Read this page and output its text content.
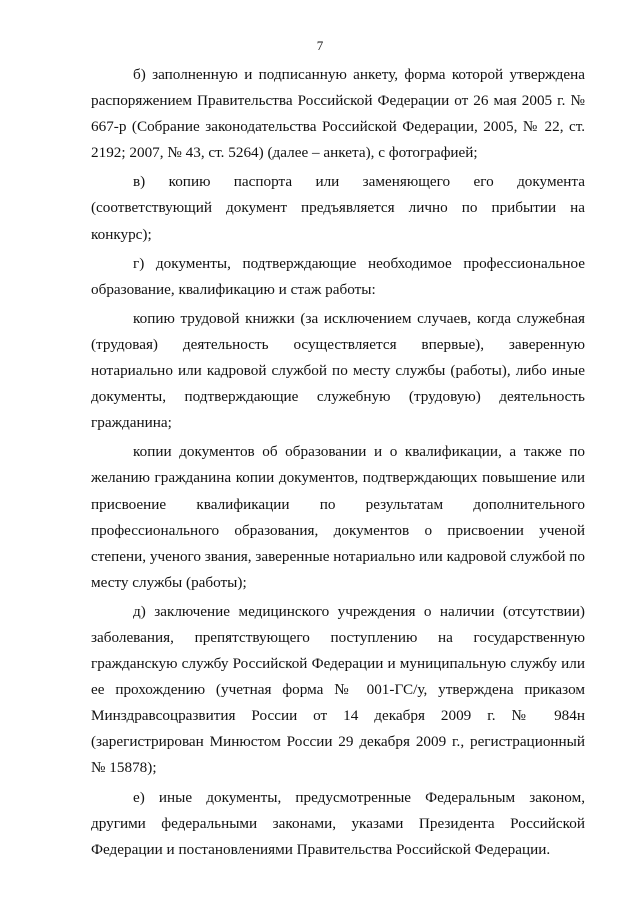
7

б) заполненную и подписанную анкету, форма которой утверждена распоряжением Правительства Российской Федерации от 26 мая 2005 г. № 667-р (Собрание законодательства Российской Федерации, 2005, № 22, ст. 2192; 2007, № 43, ст. 5264) (далее – анкета), с фотографией;

в) копию паспорта или заменяющего его документа (соответствующий документ предъявляется лично по прибытии на конкурс);

г) документы, подтверждающие необходимое профессиональное образование, квалификацию и стаж работы:

копию трудовой книжки (за исключением случаев, когда служебная (трудовая) деятельность осуществляется впервые), заверенную нотариально или кадровой службой по месту службы (работы), либо иные документы, подтверждающие служебную (трудовую) деятельность гражданина;

копии документов об образовании и о квалификации, а также по желанию гражданина копии документов, подтверждающих повышение или присвоение квалификации по результатам дополнительного профессионального образования, документов о присвоении ученой степени, ученого звания, заверенные нотариально или кадровой службой по месту службы (работы);

д) заключение медицинского учреждения о наличии (отсутствии) заболевания, препятствующего поступлению на государственную гражданскую службу Российской Федерации и муниципальную службу или ее прохождению (учетная форма № 001-ГС/у, утверждена приказом Минздравсоцразвития России от 14 декабря 2009 г. № 984н (зарегистрирован Минюстом России 29 декабря 2009 г., регистрационный № 15878);

е) иные документы, предусмотренные Федеральным законом, другими федеральными законами, указами Президента Российской Федерации и постановлениями Правительства Российской Федерации.
